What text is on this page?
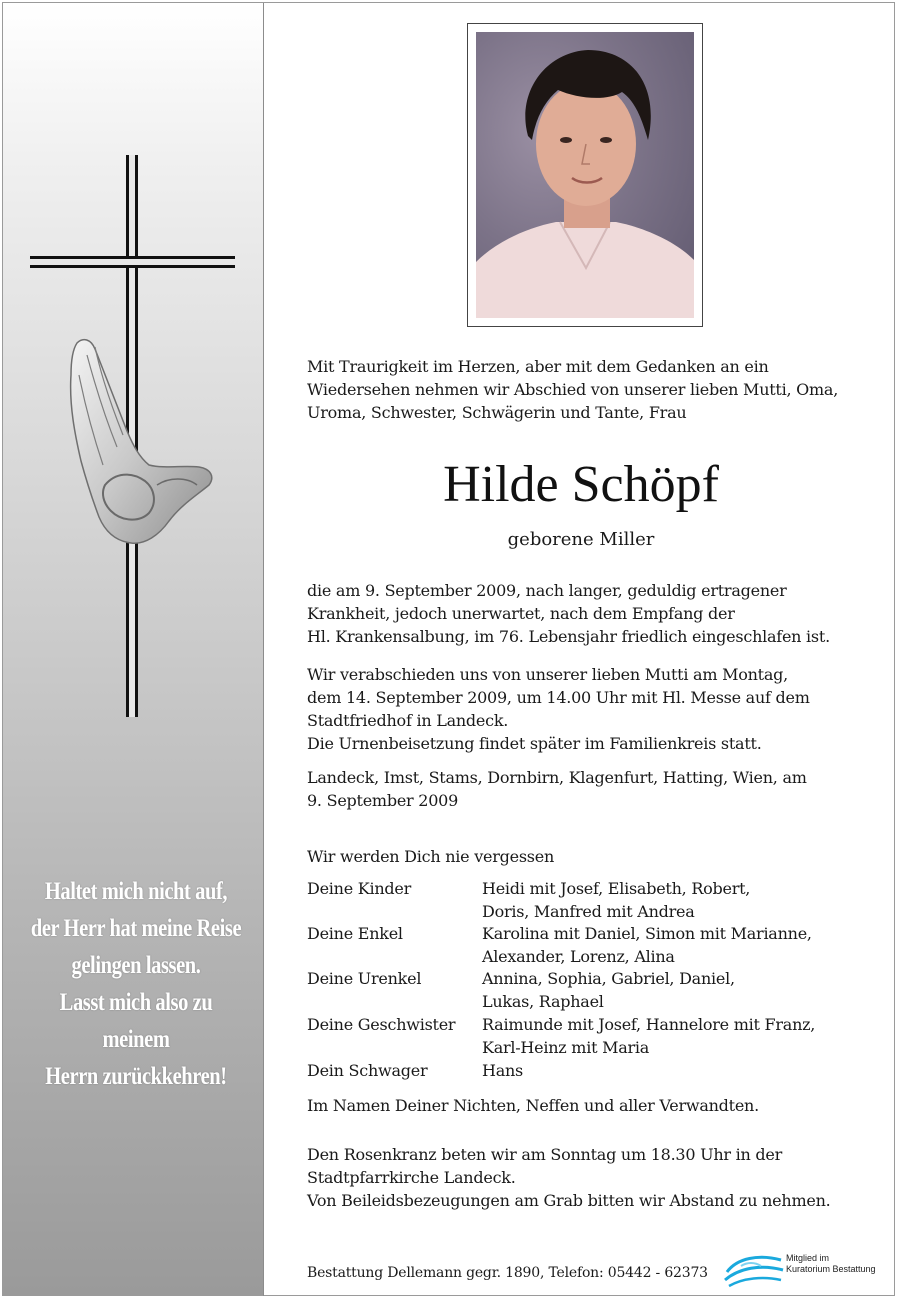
Haltet mich nicht auf,
der Herr hat meine Reise
gelingen lassen.
Lasst mich also zu meinem
Herrn zurückkehren!
Mit Traurigkeit im Herzen, aber mit dem Gedanken an ein
Wiedersehen nehmen wir Abschied von unserer lieben Mutti, Oma,
Uroma, Schwester, Schwägerin und Tante, Frau
Hilde Schöpf
geborene Miller
die am 9. September 2009, nach langer, geduldig ertragener
Krankheit, jedoch unerwartet, nach dem Empfang der
Hl. Krankensalbung, im 76. Lebensjahr friedlich eingeschlafen ist.
Wir verabschieden uns von unserer lieben Mutti am Montag,
dem 14. September 2009, um 14.00 Uhr mit Hl. Messe auf dem
Stadtfriedhof in Landeck.
Die Urnenbeisetzung findet später im Familienkreis statt.
Landeck, Imst, Stams, Dornbirn, Klagenfurt, Hatting, Wien, am
9. September 2009
Wir werden Dich nie vergessen
Deine Kinder	Heidi mit Josef, Elisabeth, Robert,
Doris, Manfred mit Andrea
Deine Enkel	Karolina mit Daniel, Simon mit Marianne,
Alexander, Lorenz, Alina
Deine Urenkel	Annina, Sophia, Gabriel, Daniel,
Lukas, Raphael
Deine Geschwister Raimunde mit Josef, Hannelore mit Franz,
Karl-Heinz mit Maria
Dein Schwager	Hans
Im Namen Deiner Nichten, Neffen und aller Verwandten.
Den Rosenkranz beten wir am Sonntag um 18.30 Uhr in der
Stadtpfarrkirche Landeck.
Von Beileidsbezeugungen am Grab bitten wir Abstand zu nehmen.
Bestattung Dellemann gegr. 1890, Telefon: 05442 - 62373
Mitglied im
Kuratorium Bestattung
